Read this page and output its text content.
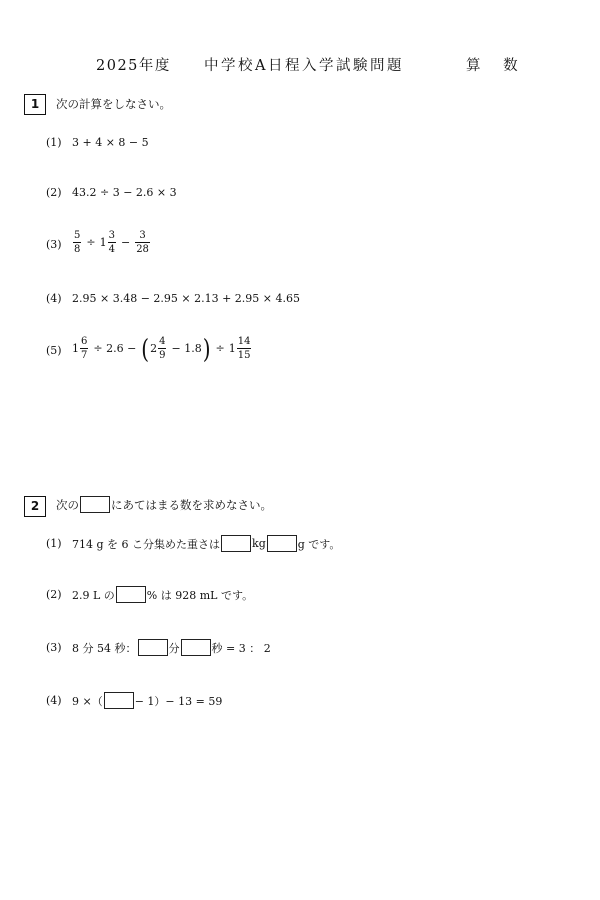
2025年度 中学校A日程入学試験問題	算 数
1	次の計算をしなさい。
(1) 3 + 4 × 8 − 5
(2) 43.2 ÷ 3 − 2.6 × 3
$(3) \frac{5}{8} \div 1 \frac{3}{4} - \frac{3}{28}$
(4) 2.95 × 3.48 − 2.95 × 2.13 + 2.95 × 4.65
(5) $1 \frac{6}{7} \div 2.6$ − ( $2 \frac{4}{9} - 1.8$ ) ÷ $1 \frac{14}{15}$
2	次の	にあてはまる数を求めなさい。
(1) 714 g を 6 こ分集めた重さは	kg	g です。
(2) 2.9 L の	% は 928 mL です。
(3) 8 分 54 秒：	分	秒 = 3 ： 2
(4) 9 ×（	− 1）− 13 = 59
